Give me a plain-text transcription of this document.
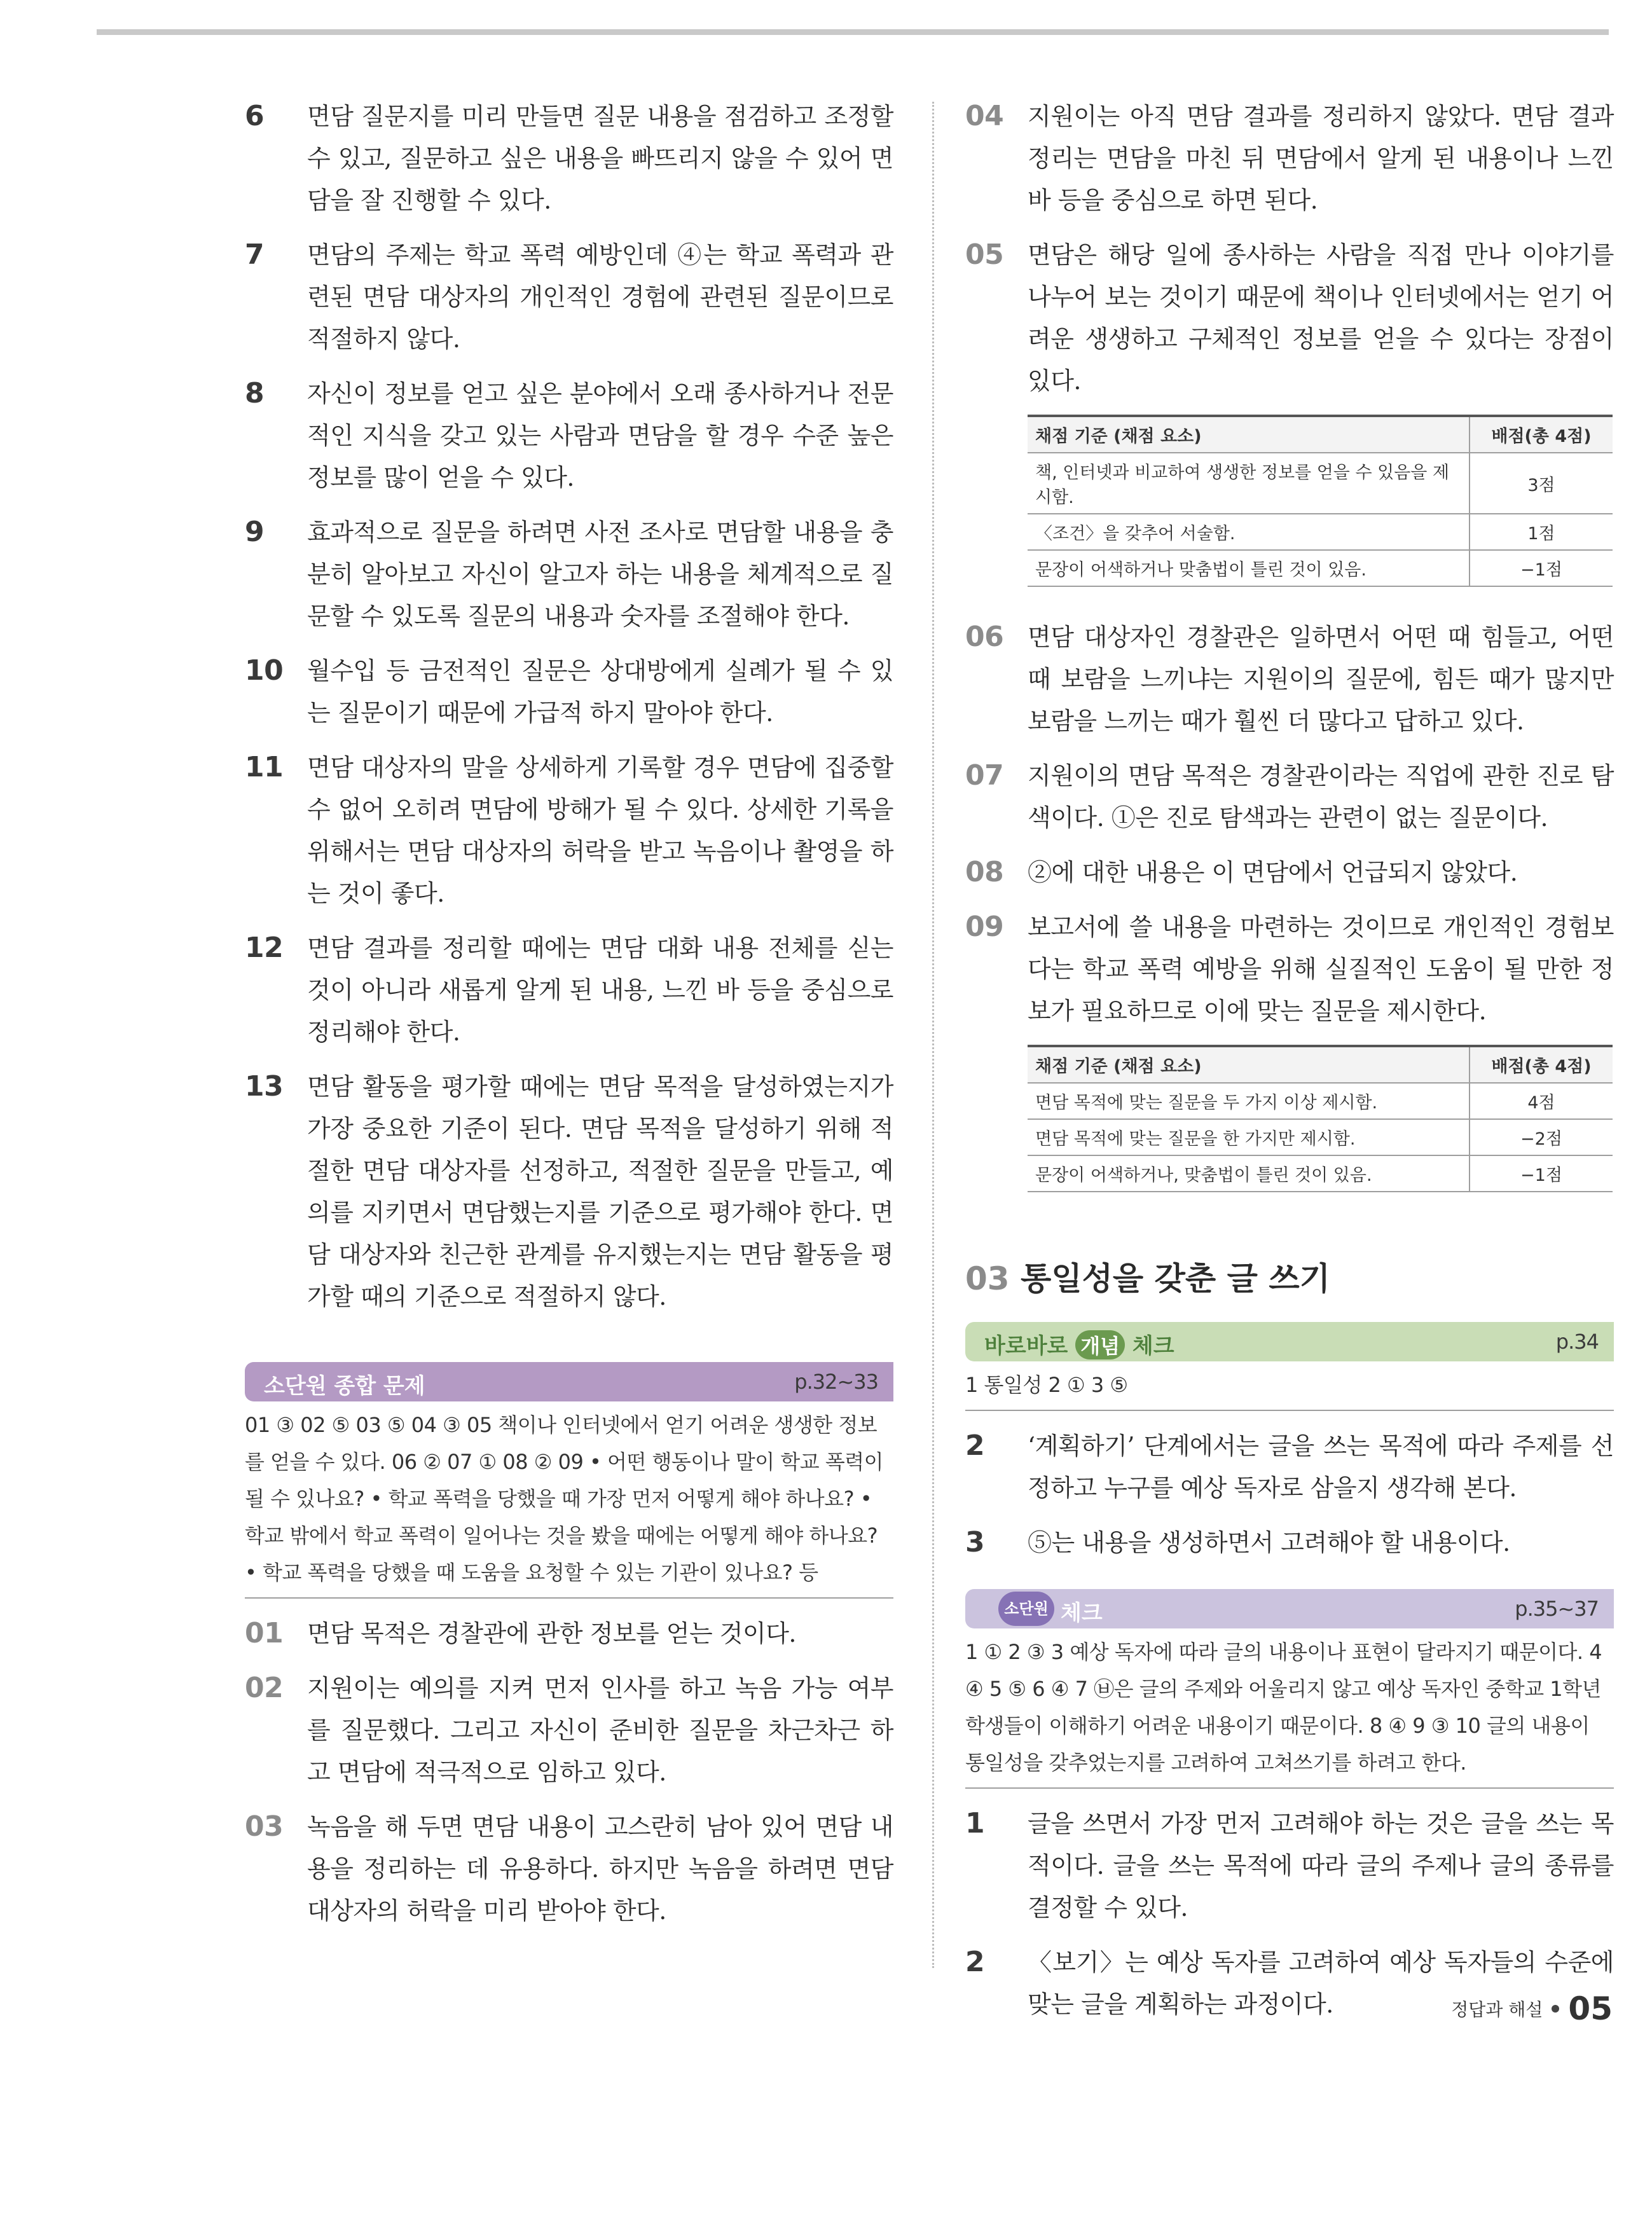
6 면담 질문지를 미리 만들면 질문 내용을 점검하고 조정할 수 있고, 질문하고 싶은 내용을 빠뜨리지 않을 수 있어 면담을 잘 진행할 수 있다.
7 면담의 주제는 학교 폭력 예방인데 ④는 학교 폭력과 관련된 면담 대상자의 개인적인 경험에 관련된 질문이므로 적절하지 않다.
8 자신이 정보를 얻고 싶은 분야에서 오래 종사하거나 전문적인 지식을 갖고 있는 사람과 면담을 할 경우 수준 높은 정보를 많이 얻을 수 있다.
9 효과적으로 질문을 하려면 사전 조사로 면담할 내용을 충분히 알아보고 자신이 알고자 하는 내용을 체계적으로 질문할 수 있도록 질문의 내용과 숫자를 조절해야 한다.
10 월수입 등 금전적인 질문은 상대방에게 실례가 될 수 있는 질문이기 때문에 가급적 하지 말아야 한다.
11 면담 대상자의 말을 상세하게 기록할 경우 면담에 집중할 수 없어 오히려 면담에 방해가 될 수 있다. 상세한 기록을 위해서는 면담 대상자의 허락을 받고 녹음이나 촬영을 하는 것이 좋다.
12 면담 결과를 정리할 때에는 면담 대화 내용 전체를 싣는 것이 아니라 새롭게 알게 된 내용, 느낀 바 등을 중심으로 정리해야 한다.
13 면담 활동을 평가할 때에는 면담 목적을 달성하였는지가 가장 중요한 기준이 된다. 면담 목적을 달성하기 위해 적절한 면담 대상자를 선정하고, 적절한 질문을 만들고, 예의를 지키면서 면담했는지를 기준으로 평가해야 한다. 면담 대상자와 친근한 관계를 유지했는지는 면담 활동을 평가할 때의 기준으로 적절하지 않다.
소단원 종합 문제	p.32~33
01 ③ 02 ⑤ 03 ⑤ 04 ③ 05 책이나 인터넷에서 얻기 어려운 생생한 정보를 얻을 수 있다. 06 ② 07 ① 08 ② 09 • 어떤 행동이나 말이 학교 폭력이 될 수 있나요? • 학교 폭력을 당했을 때 가장 먼저 어떻게 해야 하나요? • 학교 밖에서 학교 폭력이 일어나는 것을 봤을 때에는 어떻게 해야 하나요? • 학교 폭력을 당했을 때 도움을 요청할 수 있는 기관이 있나요? 등
01 면담 목적은 경찰관에 관한 정보를 얻는 것이다.
02 지원이는 예의를 지켜 먼저 인사를 하고 녹음 가능 여부를 질문했다. 그리고 자신이 준비한 질문을 차근차근 하고 면담에 적극적으로 임하고 있다.
03 녹음을 해 두면 면담 내용이 고스란히 남아 있어 면담 내용을 정리하는 데 유용하다. 하지만 녹음을 하려면 면담 대상자의 허락을 미리 받아야 한다.
04 지원이는 아직 면담 결과를 정리하지 않았다. 면담 결과 정리는 면담을 마친 뒤 면담에서 알게 된 내용이나 느낀 바 등을 중심으로 하면 된다.
05 면담은 해당 일에 종사하는 사람을 직접 만나 이야기를 나누어 보는 것이기 때문에 책이나 인터넷에서는 얻기 어려운 생생하고 구체적인 정보를 얻을 수 있다는 장점이 있다.
채점 기준 (채점 요소)	배점(총 4점)
책, 인터넷과 비교하여 생생한 정보를 얻을 수 있음을 제시함.	3점
〈조건〉을 갖추어 서술함.	1점
문장이 어색하거나 맞춤법이 틀린 것이 있음.	−1점
06 면담 대상자인 경찰관은 일하면서 어떤 때 힘들고, 어떤 때 보람을 느끼냐는 지원이의 질문에, 힘든 때가 많지만 보람을 느끼는 때가 훨씬 더 많다고 답하고 있다.
07 지원이의 면담 목적은 경찰관이라는 직업에 관한 진로 탐색이다. ①은 진로 탐색과는 관련이 없는 질문이다.
08 ②에 대한 내용은 이 면담에서 언급되지 않았다.
09 보고서에 쓸 내용을 마련하는 것이므로 개인적인 경험보다는 학교 폭력 예방을 위해 실질적인 도움이 될 만한 정보가 필요하므로 이에 맞는 질문을 제시한다.
채점 기준 (채점 요소)	배점(총 4점)
면담 목적에 맞는 질문을 두 가지 이상 제시함.	4점
면담 목적에 맞는 질문을 한 가지만 제시함.	−2점
문장이 어색하거나, 맞춤법이 틀린 것이 있음.	−1점
03 통일성을 갖춘 글 쓰기
바로바로 개념 체크	p.34
1 통일성 2 ① 3 ⑤
2 ‘계획하기’ 단계에서는 글을 쓰는 목적에 따라 주제를 선정하고 누구를 예상 독자로 삼을지 생각해 본다.
3 ⑤는 내용을 생성하면서 고려해야 할 내용이다.
소단원 체크	p.35~37
1 ① 2 ③ 3 예상 독자에 따라 글의 내용이나 표현이 달라지기 때문이다. 4 ④ 5 ⑤ 6 ④ 7 ㉥은 글의 주제와 어울리지 않고 예상 독자인 중학교 1학년 학생들이 이해하기 어려운 내용이기 때문이다. 8 ④ 9 ③ 10 글의 내용이 통일성을 갖추었는지를 고려하여 고쳐쓰기를 하려고 한다.
1 글을 쓰면서 가장 먼저 고려해야 하는 것은 글을 쓰는 목적이다. 글을 쓰는 목적에 따라 글의 주제나 글의 종류를 결정할 수 있다.
2 〈보기〉는 예상 독자를 고려하여 예상 독자들의 수준에 맞는 글을 계획하는 과정이다.	정답과 해설 05
